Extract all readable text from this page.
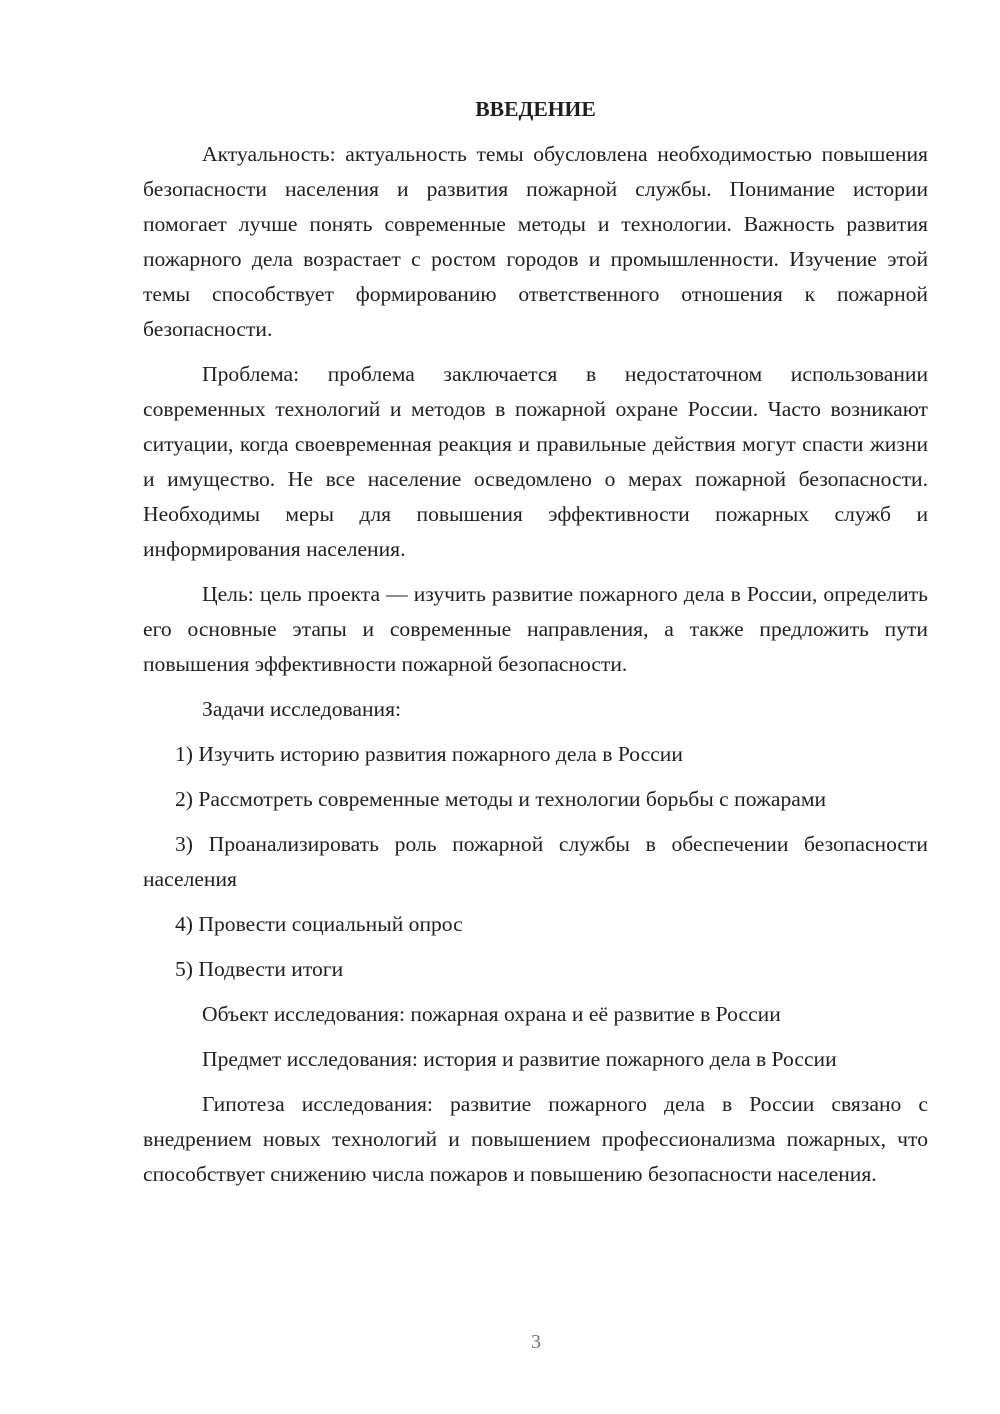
ВВЕДЕНИЕ

Актуальность: актуальность темы обусловлена необходимостью повышения безопасности населения и развития пожарной службы. Понимание истории помогает лучше понять современные методы и технологии. Важность развития пожарного дела возрастает с ростом городов и промышленности. Изучение этой темы способствует формированию ответственного отношения к пожарной безопасности.

Проблема: проблема заключается в недостаточном использовании современных технологий и методов в пожарной охране России. Часто возникают ситуации, когда своевременная реакция и правильные действия могут спасти жизни и имущество. Не все население осведомлено о мерах пожарной безопасности. Необходимы меры для повышения эффективности пожарных служб и информирования населения.

Цель: цель проекта — изучить развитие пожарного дела в России, определить его основные этапы и современные направления, а также предложить пути повышения эффективности пожарной безопасности.

Задачи исследования:

1) Изучить историю развития пожарного дела в России

2) Рассмотреть современные методы и технологии борьбы с пожарами

3) Проанализировать роль пожарной службы в обеспечении безопасности населения

4) Провести социальный опрос

5) Подвести итоги

Объект исследования: пожарная охрана и её развитие в России

Предмет исследования: история и развитие пожарного дела в России

Гипотеза исследования: развитие пожарного дела в России связано с внедрением новых технологий и повышением профессионализма пожарных, что способствует снижению числа пожаров и повышению безопасности населения.

3
